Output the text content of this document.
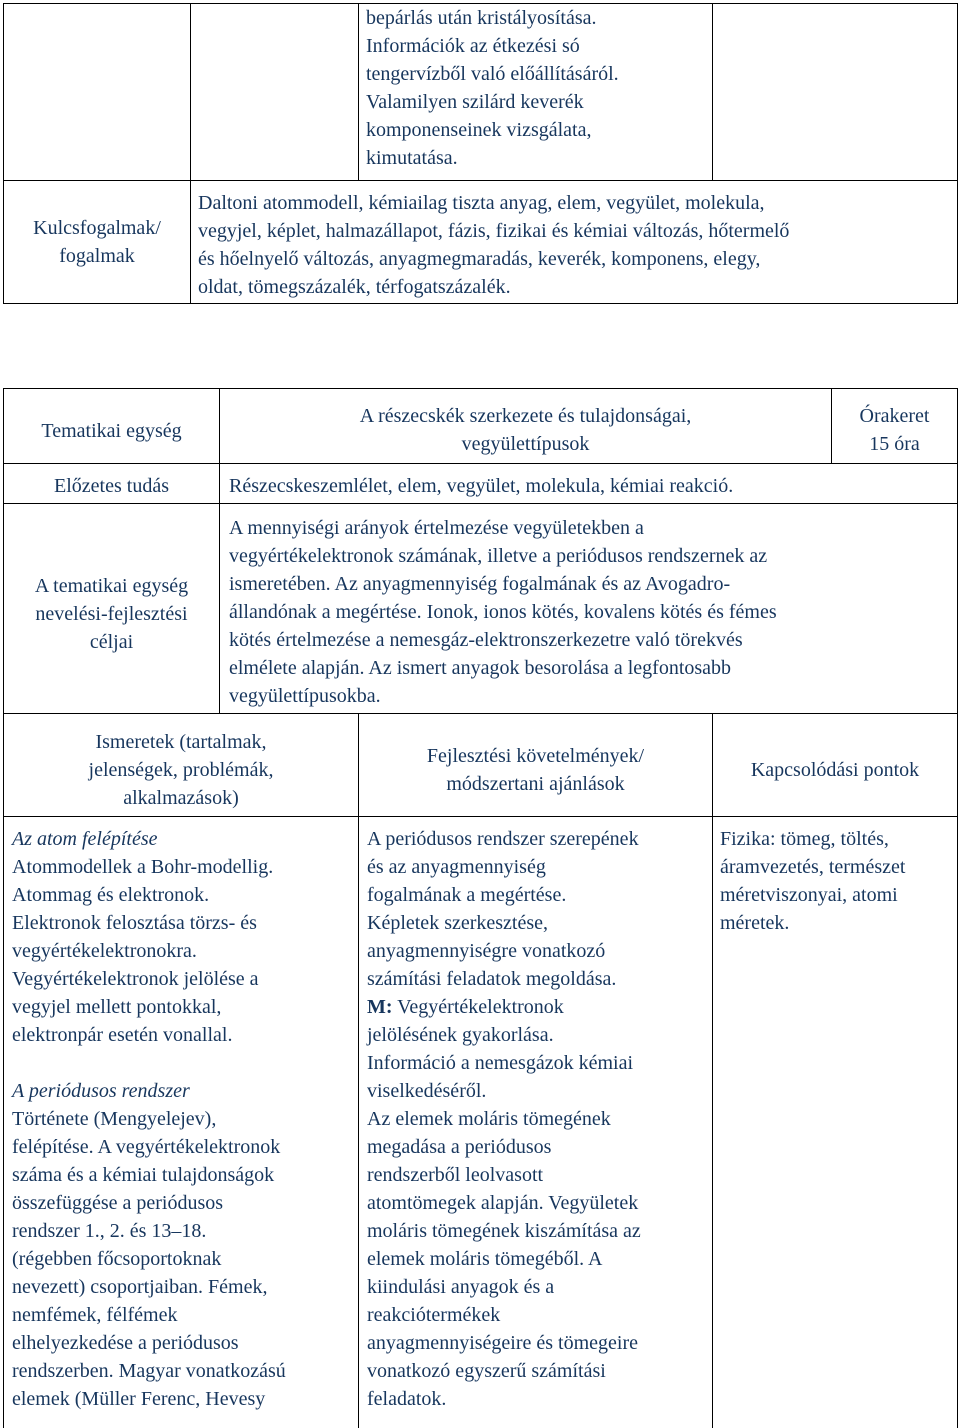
bepárlás után kristályosítása.
Információk az étkezési só
tengervízből való előállításáról.
Valamilyen szilárd keverék
komponenseinek vizsgálata,
kimutatása.
Kulcsfogalmak/
fogalmak
Daltoni atommodell, kémiailag tiszta anyag, elem, vegyület, molekula,
vegyjel, képlet, halmazállapot, fázis, fizikai és kémiai változás, hőtermelő
és hőelnyelő változás, anyagmegmaradás, keverék, komponens, elegy,
oldat, tömegszázalék, térfogatszázalék.
Tematikai egység
A részecskék szerkezete és tulajdonságai,
vegyülettípusok
Órakeret
15 óra
Előzetes tudás	Részecskeszemlélet, elem, vegyület, molekula, kémiai reakció.
A tematikai egység
nevelési-fejlesztési
céljai
A mennyiségi arányok értelmezése vegyületekben a
vegyértékelektronok számának, illetve a periódusos rendszernek az
ismeretében. Az anyagmennyiség fogalmának és az Avogadro-
állandónak a megértése. Ionok, ionos kötés, kovalens kötés és fémes
kötés értelmezése a nemesgáz-elektronszerkezetre való törekvés
elmélete alapján. Az ismert anyagok besorolása a legfontosabb
vegyülettípusokba.
Ismeretek (tartalmak,
jelenségek, problémák,
alkalmazások)
Fejlesztési követelmények/
módszertani ajánlások
Kapcsolódási pontok
Az atom felépítése
Atommodellek a Bohr-modellig.
Atommag és elektronok.
Elektronok felosztása törzs- és
vegyértékelektronokra.
Vegyértékelektronok jelölése a
vegyjel mellett pontokkal,
elektronpár esetén vonallal.
A periódusos rendszer
Története (Mengyelejev),
felépítése. A vegyértékelektronok
száma és a kémiai tulajdonságok
összefüggése a periódusos
rendszer 1., 2. és 13–18.
(régebben főcsoportoknak
nevezett) csoportjaiban. Fémek,
nemfémek, félfémek
elhelyezkedése a periódusos
rendszerben. Magyar vonatkozású
elemek (Müller Ferenc, Hevesy
A periódusos rendszer szerepének
és az anyagmennyiség
fogalmának a megértése.
Képletek szerkesztése,
anyagmennyiségre vonatkozó
számítási feladatok megoldása.
M: Vegyértékelektronok
jelölésének gyakorlása.
Információ a nemesgázok kémiai
viselkedéséről.
Az elemek moláris tömegének
megadása a periódusos
rendszerből leolvasott
atomtömegek alapján. Vegyületek
moláris tömegének kiszámítása az
elemek moláris tömegéből. A
kiindulási anyagok és a
reakciótermékek
anyagmennyiségeire és tömegeire
vonatkozó egyszerű számítási
feladatok.
Fizika: tömeg, töltés,
áramvezetés, természet
méretviszonyai, atomi
méretek.
